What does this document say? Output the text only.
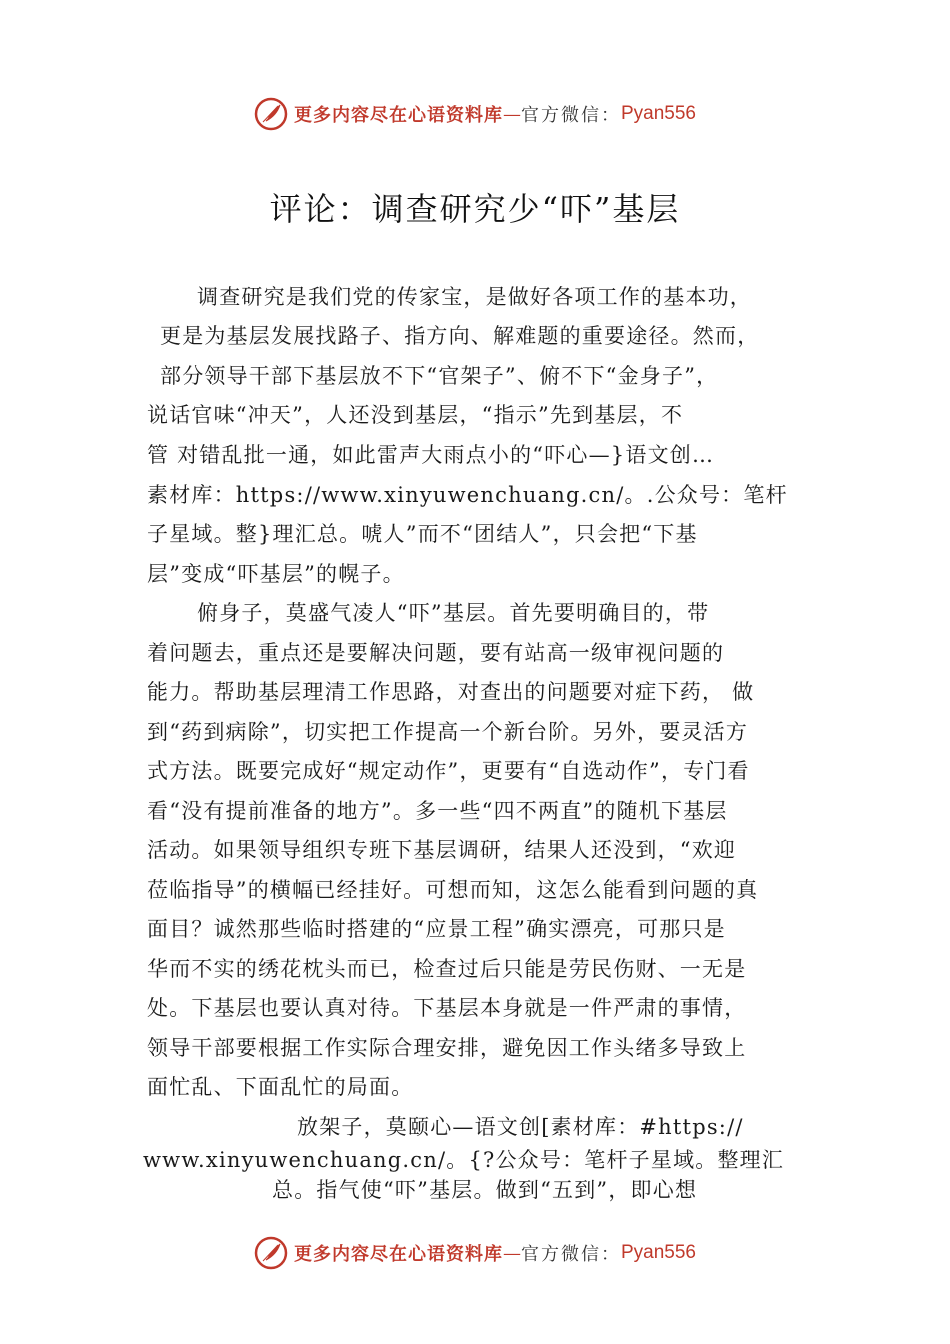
更多内容尽在心语资料库 — 官方微信： Pyan556
评论：调查研究少“吓”基层
调查研究是我们党的传家宝，是做好各项工作的基本功，
更是为基层发展找路子、指方向、解难题的重要途径。然而，
部分领导干部下基层放不下“官架子”、俯不下“金身子”，
说话官味“冲天”，人还没到基层，“指示”先到基层，不
管 对错乱批一通，如此雷声大雨点小的“吓心—}语文创…
素材库：https://www.xinyuwenchuang.cn/。.公众号：笔杆
子星域。整}理汇总。唬人”而不“团结人”，只会把“下基
层”变成“吓基层”的幌子。
俯身子，莫盛气凌人“吓”基层。首先要明确目的，带
着问题去，重点还是要解决问题，要有站高一级审视问题的
能力。帮助基层理清工作思路，对查出的问题要对症下药， 做
到“药到病除”，切实把工作提高一个新台阶。另外，要灵活方
式方法。既要完成好“规定动作”，更要有“自选动作”，专门看
看“没有提前准备的地方”。多一些“四不两直”的随机下基层
活动。如果领导组织专班下基层调研，结果人还没到，“欢迎
莅临指导”的横幅已经挂好。可想而知，这怎么能看到问题的真
面目？诚然那些临时搭建的“应景工程”确实漂亮，可那只是
华而不实的绣花枕头而已，检查过后只能是劳民伤财、一无是
处。下基层也要认真对待。下基层本身就是一件严肃的事情，
领导干部要根据工作实际合理安排，避免因工作头绪多导致上
面忙乱、下面乱忙的局面。
放架子，莫颐心—语文创[素材库：#https://
www.xinyuwenchuang.cn/。{?公众号：笔杆子星域。整理汇
总。指气使“吓”基层。做到“五到”，即心想
更多内容尽在心语资料库 — 官方微信： Pyan556
